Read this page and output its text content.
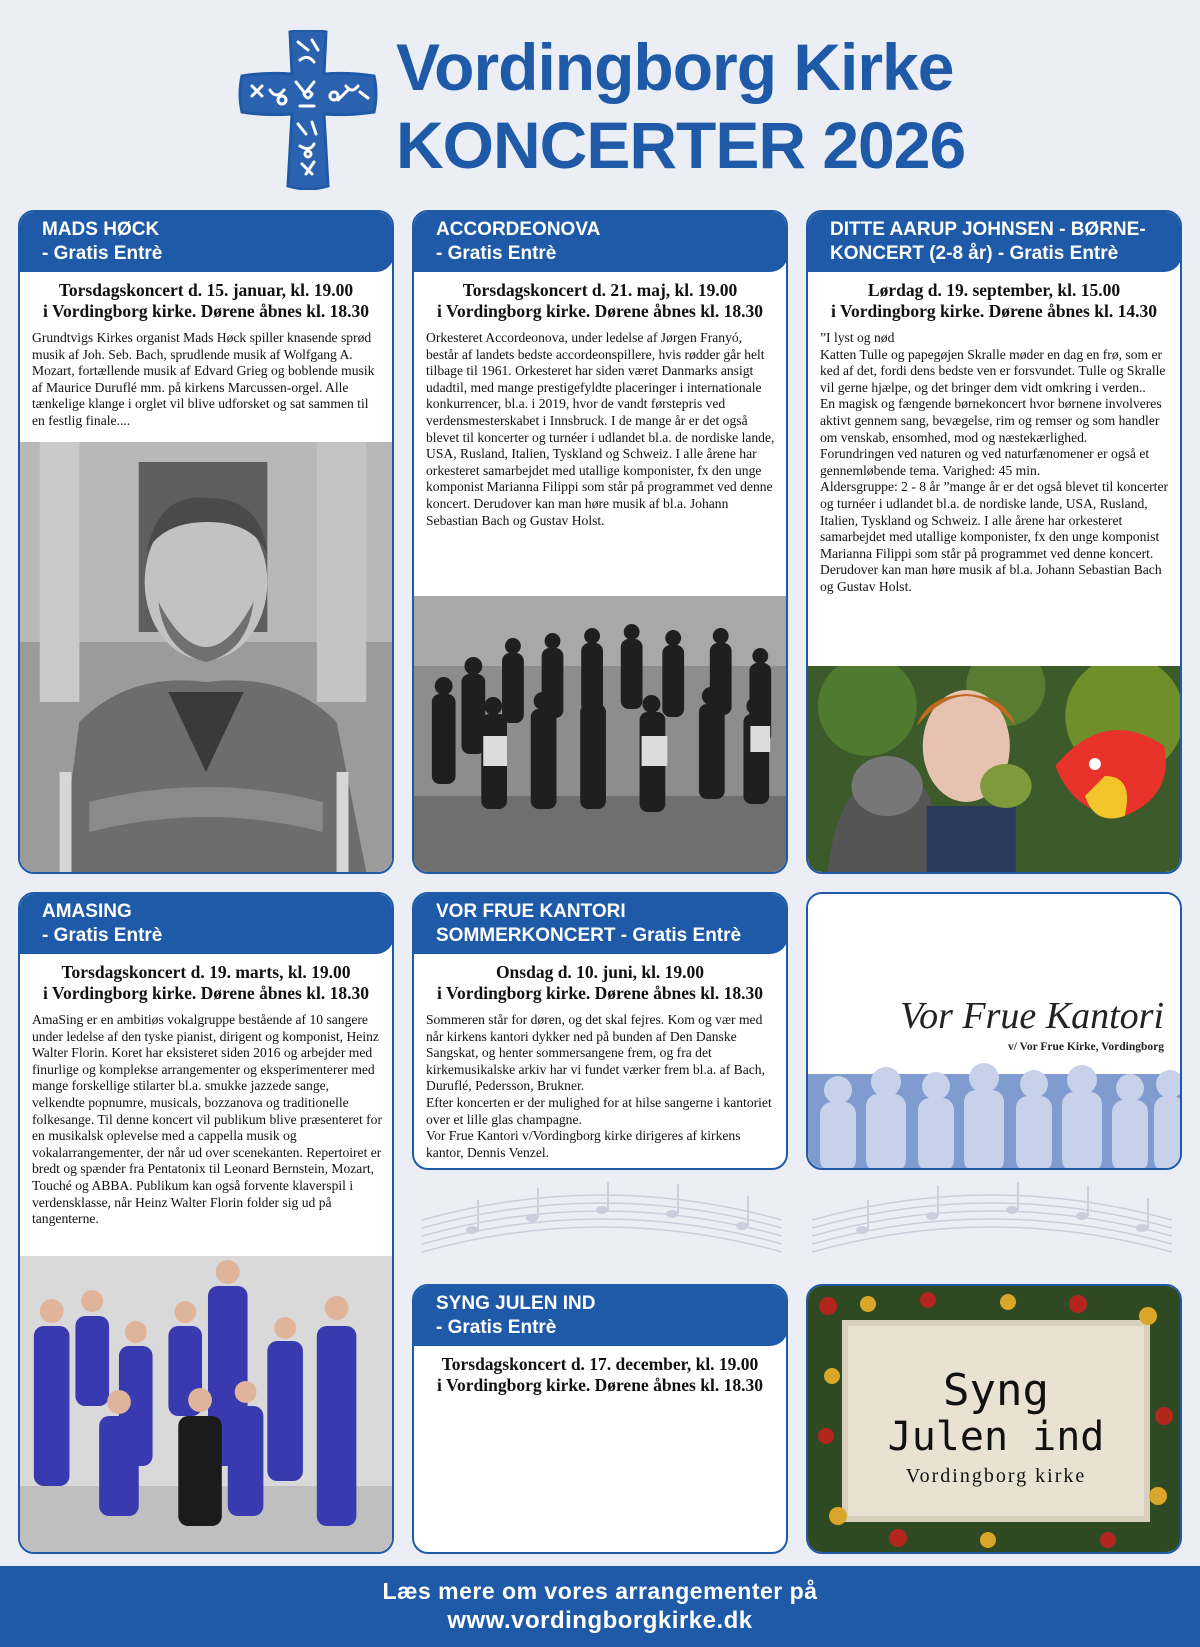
Vordingborg Kirke
KONCERTER 2026
MADS HØCK
- Gratis Entrè
Torsdagskoncert d. 15. januar, kl. 19.00
i Vordingborg kirke. Dørene åbnes kl. 18.30
Grundtvigs Kirkes organist Mads Høck spiller knasende sprød musik af Joh. Seb. Bach, sprudlende musik af Wolfgang A. Mozart, fortællende musik af Edvard Grieg og boblende musik af Maurice Duruflé mm. på kirkens Marcussen-orgel. Alle tænkelige klange i orglet vil blive udforsket og sat sammen til en festlig finale....
ACCORDEONOVA
- Gratis Entrè
Torsdagskoncert d. 21. maj, kl. 19.00
i Vordingborg kirke. Dørene åbnes kl. 18.30
Orkesteret Accordeonova, under ledelse af Jørgen Franyó, består af landets bedste accordeonspillere, hvis rødder går helt tilbage til 1961. Orkesteret har siden været Danmarks ansigt udadtil, med mange prestigefyldte placeringer i internationale konkurrencer, bl.a. i 2019, hvor de vandt førstepris ved verdensmesterskabet i Innsbruck. I de mange år er det også blevet til koncerter og turnéer i udlandet bl.a. de nordiske lande, USA, Rusland, Italien, Tyskland og Schweiz. I alle årene har orkesteret samarbejdet med utallige komponister, fx den unge komponist Marianna Filippi som står på programmet ved denne koncert. Derudover kan man høre musik af bl.a. Johann Sebastian Bach og Gustav Holst.
DITTE AARUP JOHNSEN - BØRNE-
KONCERT (2-8 år) - Gratis Entrè
Lørdag d. 19. september, kl. 15.00
i Vordingborg kirke. Dørene åbnes kl. 14.30
”I lyst og nød
Katten Tulle og papegøjen Skralle møder en dag en frø, som er ked af det, fordi dens bedste ven er forsvundet. Tulle og Skralle vil gerne hjælpe, og det bringer dem vidt omkring i verden..
En magisk og fængende børnekoncert hvor børnene involveres aktivt gennem sang, bevægelse, rim og remser og som handler om venskab, ensomhed, mod og næstekærlighed.
Forundringen ved naturen og ved naturfænomener er også et gennemløbende tema. Varighed: 45 min.
Aldersgruppe: 2 - 8 år ”mange år er det også blevet til koncerter og turnéer i udlandet bl.a. de nordiske lande, USA, Rusland, Italien, Tyskland og Schweiz. I alle årene har orkesteret samarbejdet med utallige komponister, fx den unge komponist Marianna Filippi som står på programmet ved denne koncert. Derudover kan man høre musik af bl.a. Johann Sebastian Bach og Gustav Holst.
AMASING
- Gratis Entrè
Torsdagskoncert d. 19. marts, kl. 19.00
i Vordingborg kirke. Dørene åbnes kl. 18.30
AmaSing er en ambitiøs vokalgruppe bestående af 10 sangere under ledelse af den tyske pianist, dirigent og komponist, Heinz Walter Florin. Koret har eksisteret siden 2016 og arbejder med finurlige og komplekse arrangementer og eksperimenterer med mange forskellige stilarter bl.a. smukke jazzede sange, velkendte popnumre, musicals, bozzanova og traditionelle folkesange. Til denne koncert vil publikum blive præsenteret for en musikalsk oplevelse med a cappella musik og vokalarrangementer, der når ud over scenekanten. Repertoiret er bredt og spænder fra Pentatonix til Leonard Bernstein, Mozart, Touché og ABBA. Publikum kan også forvente klaverspil i verdensklasse, når Heinz Walter Florin folder sig ud på tangenterne.
VOR FRUE KANTORI
SOMMERKONCERT - Gratis Entrè
Onsdag d. 10. juni, kl. 19.00
i Vordingborg kirke. Dørene åbnes kl. 18.30
Sommeren står for døren, og det skal fejres. Kom og vær med når kirkens kantori dykker ned på bunden af Den Danske Sangskat, og henter sommersangene frem, og fra det kirkemusikalske arkiv har vi fundet værker frem bl.a. af Bach, Duruflé, Pedersson, Brukner.
Efter koncerten er der mulighed for at hilse sangerne i kantoriet over et lille glas champagne.
Vor Frue Kantori v/Vordingborg kirke dirigeres af kirkens kantor, Dennis Venzel.
Vor Frue Kantori
v/ Vor Frue Kirke, Vordingborg
SYNG JULEN IND
- Gratis Entrè
Torsdagskoncert d. 17. december, kl. 19.00
i Vordingborg kirke. Dørene åbnes kl. 18.30	Syng
Julen ind
Vordingborg kirke
Læs mere om vores arrangementer på
www.vordingborgkirke.dk
